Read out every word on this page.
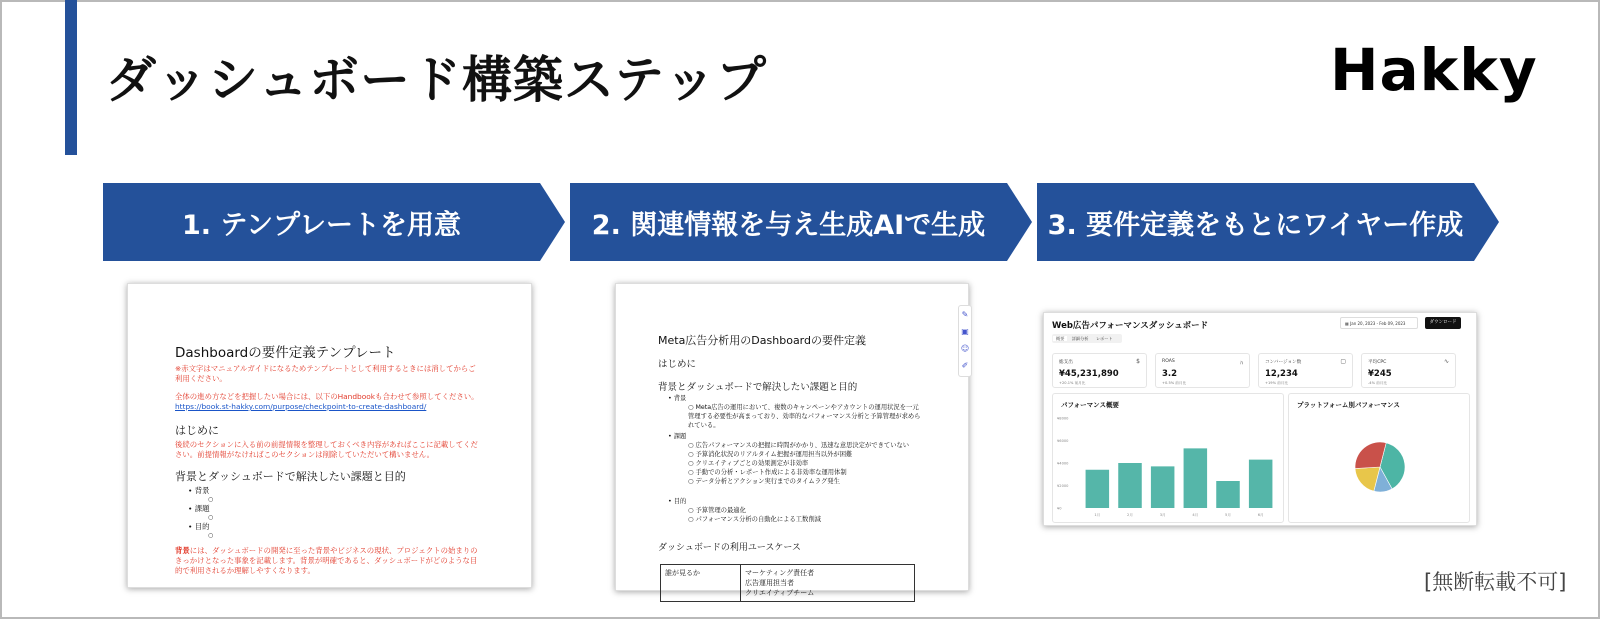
ダッシュボード構築ステップ	Hakky
1. テンプレートを用意	2. 関連情報を与え生成AIで生成	3. 要件定義をもとにワイヤー作成
Dashboardの要件定義テンプレート
※赤文字はマニュアルガイドになるためテンプレートとして利用するときには消してからご利用ください。
全体の進め方などを把握したい場合には、以下のHandbookも合わせて参照してください。
https://book.st-hakky.com/purpose/checkpoint-to-create-dashboard/
はじめに
後続のセクションに入る前の前提情報を整理しておくべき内容があればここに記載してください。前提情報がなければこのセクションは削除していただいて構いません。
背景とダッシュボードで解決したい課題と目的
• 背景
○
• 課題
○
• 目的
○
背景には、ダッシュボードの開発に至った背景やビジネスの現状、プロジェクトの始まりのきっかけとなった事象を記載します。背景が明確であると、ダッシュボードがどのような目的で利用されるか理解しやすくなります。
Meta広告分析用のDashboardの要件定義
はじめに
背景とダッシュボードで解決したい課題と目的
• 背景
○ Meta広告の運用において、複数のキャンペーンやアカウントの運用状況を一元管理する必要性が高まっており、効率的なパフォーマンス分析と予算管理が求められている。
• 課題
○ 広告パフォーマンスの把握に時間がかかり、迅速な意思決定ができていない
○ 予算消化状況のリアルタイム把握が運用担当以外が困難
○ クリエイティブごとの効果測定が非効率
○ 手動での分析・レポート作成による非効率な運用体制
○ データ分析とアクション実行までのタイムラグ発生
• 目的
○ 予算管理の最適化
○ パフォーマンス分析の自動化による工数削減
ダッシュボードの利用ユースケース
誰が見るか	マーケティング責任者
広告運用担当者
クリエイティブチーム
✎
▣
☺
✐
Web広告パフォーマンスダッシュボード	▦ Jan 20, 2023 - Feb 09, 2023	ダウンロード
概要 詳細分析 レポート
総支出	$
¥45,231,890
+20.1% 前月比
ROAS	ﾊ
3.2
+0.5% 前月比
コンバージョン数	▢
12,234
+19% 前月比
平均CPC	∿
¥245
-4% 前月比
パフォーマンス概要
¥8000
¥6000
¥4000
¥2000
¥0
1月	2月	3月	4月	5月	6月
プラットフォーム別パフォーマンス
[無断転載不可]
